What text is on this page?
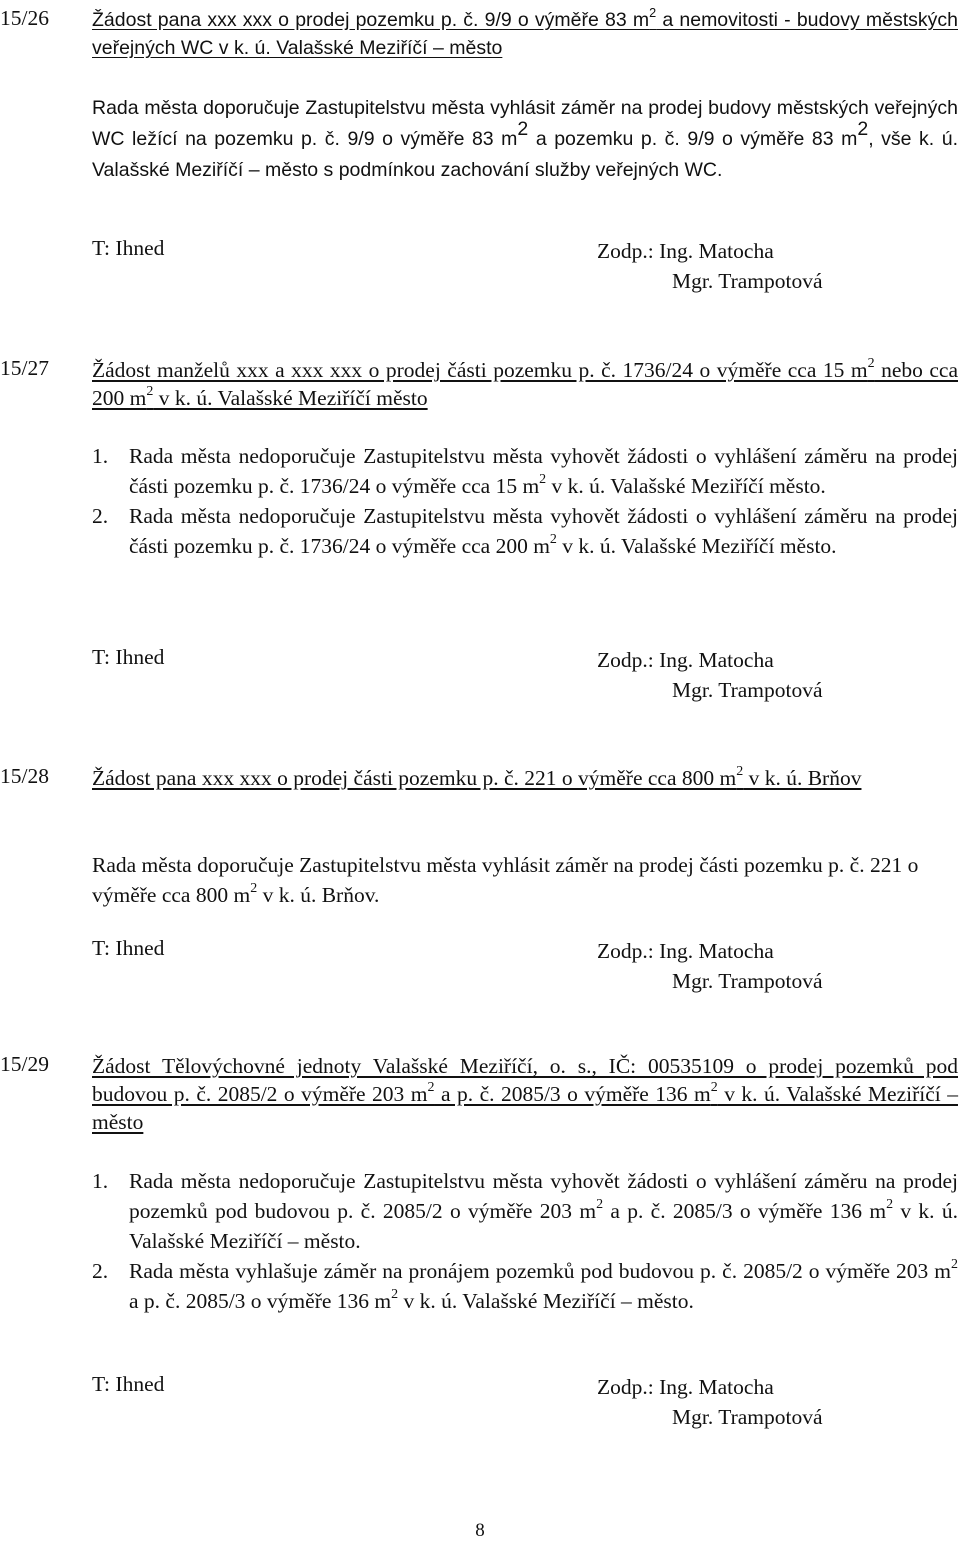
15/26 Žádost pana xxx xxx o prodej pozemku p. č. 9/9 o výměře 83 $m^2$ a nemovitosti - budovy městských veřejných WC v k. ú. Valašské Meziříčí – město

Rada města doporučuje Zastupitelstvu města vyhlásit záměr na prodej budovy městských veřejných WC ležící na pozemku p. č. 9/9 o výměře 83 $m^2$ a pozemku p. č. 9/9 o výměře 83 $m^2$, vše k. ú. Valašské Meziříčí – město s podmínkou zachování služby veřejných WC.

T: Ihned	Zodp.: Ing. Matocha
Mgr. Trampotová
15/27 Žádost manželů xxx a xxx xxx o prodej části pozemku p. č. 1736/24 o výměře cca 15 $m^2$ nebo cca 200 $m^2$ v k. ú. Valašské Meziříčí město

1. Rada města nedoporučuje Zastupitelstvu města vyhovět žádosti o vyhlášení záměru na prodej části pozemku p. č. 1736/24 o výměře cca 15 $m^2$ v k. ú. Valašské Meziříčí město.
2. Rada města nedoporučuje Zastupitelstvu města vyhovět žádosti o vyhlášení záměru na prodej části pozemku p. č. 1736/24 o výměře cca 200 $m^2$ v k. ú. Valašské Meziříčí město.
T: Ihned	Zodp.: Ing. Matocha
Mgr. Trampotová
15/28 Žádost pana xxx xxx o prodej části pozemku p. č. 221 o výměře cca 800 $m^2$ v k. ú. Brňov

Rada města doporučuje Zastupitelstvu města vyhlásit záměr na prodej části pozemku p. č. 221 o výměře cca 800 $m^2$ v k. ú. Brňov.

T: Ihned	Zodp.: Ing. Matocha
Mgr. Trampotová
15/29 Žádost Tělovýchovné jednoty Valašské Meziříčí, o. s., IČ: 00535109 o prodej pozemků pod budovou p. č. 2085/2 o výměře 203 $m^2$ a p. č. 2085/3 o výměře 136 $m^2$ v k. ú. Valašské Meziříčí – město

1. Rada města nedoporučuje Zastupitelstvu města vyhovět žádosti o vyhlášení záměru na prodej pozemků pod budovou p. č. 2085/2 o výměře 203 $m^2$ a p. č. 2085/3 o výměře 136 $m^2$ v k. ú. Valašské Meziříčí – město.
2. Rada města vyhlašuje záměr na pronájem pozemků pod budovou p. č. 2085/2 o výměře 203 $m^2$ a p. č. 2085/3 o výměře 136 $m^2$ v k. ú. Valašské Meziříčí – město.
T: Ihned	Zodp.: Ing. Matocha
Mgr. Trampotová
8
